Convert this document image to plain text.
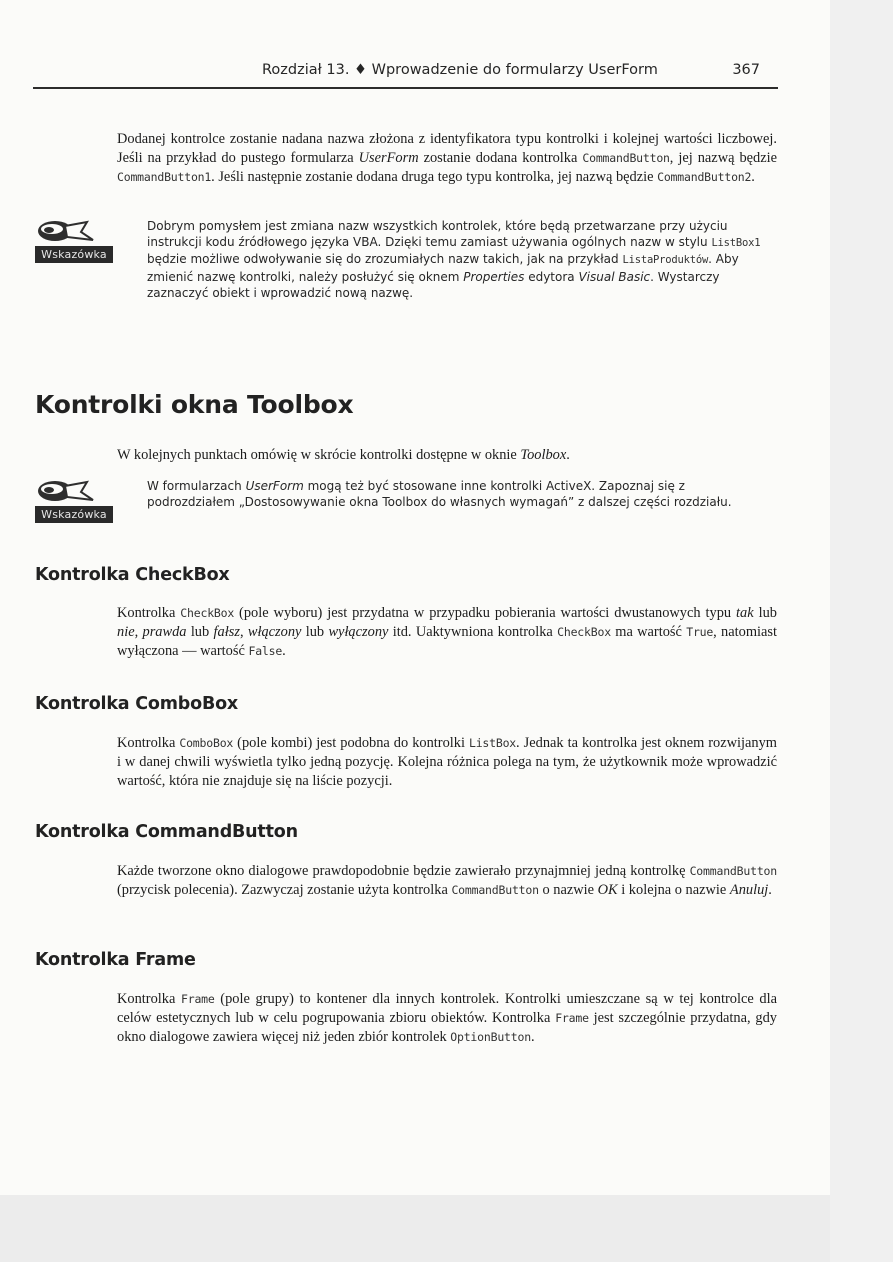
Rozdział 13. ♦ Wprowadzenie do formularzy UserForm	367

Dodanej kontrolce zostanie nadana nazwa złożona z identyfikatora typu kontrolki i kolejnej wartości liczbowej. Jeśli na przykład do pustego formularza UserForm zostanie dodana kontrolka CommandButton, jej nazwą będzie CommandButton1. Jeśli następnie zostanie dodana druga tego typu kontrolka, jej nazwą będzie CommandButton2.

Wskazówka

Dobrym pomysłem jest zmiana nazw wszystkich kontrolek, które będą przetwarzane przy użyciu instrukcji kodu źródłowego języka VBA. Dzięki temu zamiast używania ogólnych nazw w stylu ListBox1 będzie możliwe odwoływanie się do zrozumiałych nazw takich, jak na przykład ListaProduktów. Aby zmienić nazwę kontrolki, należy posłużyć się oknem Properties edytora Visual Basic. Wystarczy zaznaczyć obiekt i wprowadzić nową nazwę.

Kontrolki okna Toolbox

W kolejnych punktach omówię w skrócie kontrolki dostępne w oknie Toolbox.

Wskazówka

W formularzach UserForm mogą też być stosowane inne kontrolki ActiveX. Zapoznaj się z podrozdziałem „Dostosowywanie okna Toolbox do własnych wymagań” z dalszej części rozdziału.

Kontrolka CheckBox

Kontrolka CheckBox (pole wyboru) jest przydatna w przypadku pobierania wartości dwustanowych typu tak lub nie, prawda lub fałsz, włączony lub wyłączony itd. Uaktywniona kontrolka CheckBox ma wartość True, natomiast wyłączona — wartość False.

Kontrolka ComboBox

Kontrolka ComboBox (pole kombi) jest podobna do kontrolki ListBox. Jednak ta kontrolka jest oknem rozwijanym i w danej chwili wyświetla tylko jedną pozycję. Kolejna różnica polega na tym, że użytkownik może wprowadzić wartość, która nie znajduje się na liście pozycji.

Kontrolka CommandButton

Każde tworzone okno dialogowe prawdopodobnie będzie zawierało przynajmniej jedną kontrolkę CommandButton (przycisk polecenia). Zazwyczaj zostanie użyta kontrolka CommandButton o nazwie OK i kolejna o nazwie Anuluj.

Kontrolka Frame

Kontrolka Frame (pole grupy) to kontener dla innych kontrolek. Kontrolki umieszczane są w tej kontrolce dla celów estetycznych lub w celu pogrupowania zbioru obiektów. Kontrolka Frame jest szczególnie przydatna, gdy okno dialogowe zawiera więcej niż jeden zbiór kontrolek OptionButton.
